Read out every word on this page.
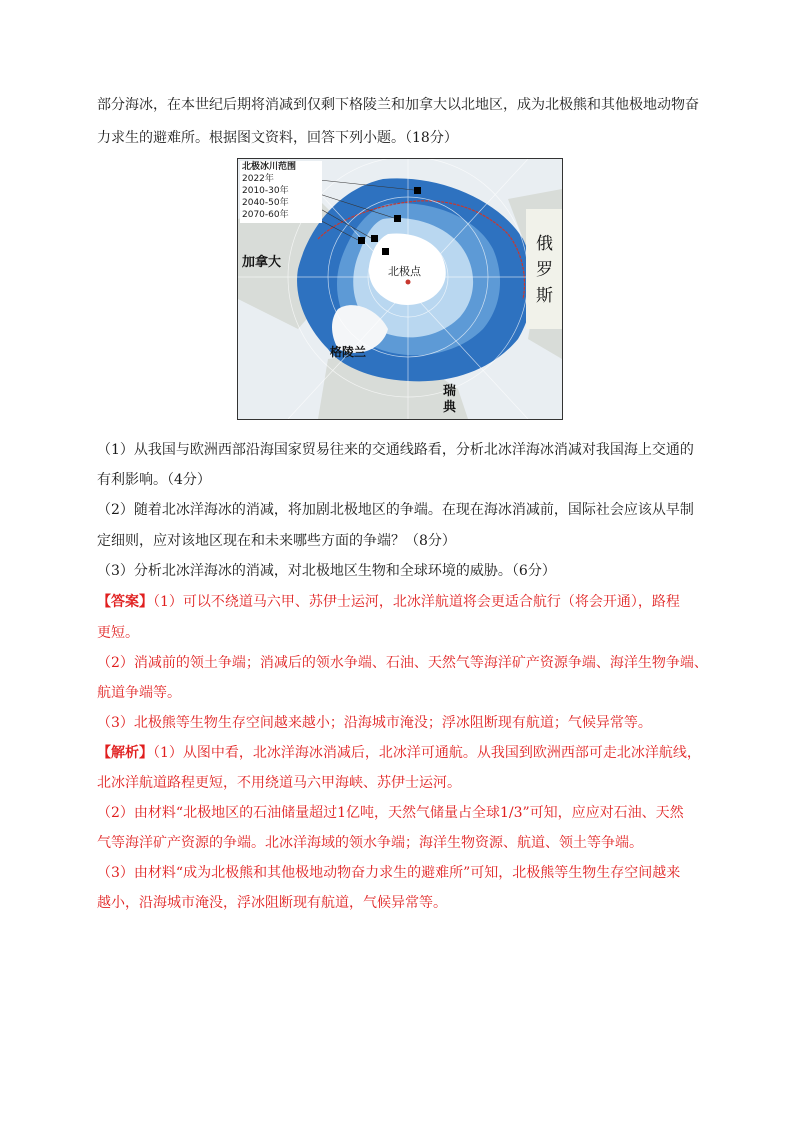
部分海冰，在本世纪后期将消减到仅剩下格陵兰和加拿大以北地区，成为北极熊和其他极地动物奋
力求生的避难所。根据图文资料，回答下列小题。（18分）
北极冰川范围
2022年
2010-30年
2040-50年
2070-60年
加拿大
俄罗斯
格陵兰
瑞典
北极点
（1）从我国与欧洲西部沿海国家贸易往来的交通线路看，分析北冰洋海冰消减对我国海上交通的
有利影响。（4分）
（2）随着北冰洋海冰的消减，将加剧北极地区的争端。在现在海冰消减前，国际社会应该从早制
定细则，应对该地区现在和未来哪些方面的争端？（8分）
（3）分析北冰洋海冰的消减，对北极地区生物和全球环境的威胁。（6分）
【答案】（1）可以不绕道马六甲、苏伊士运河，北冰洋航道将会更适合航行（将会开通），路程
更短。
（2）消减前的领土争端；消减后的领水争端、石油、天然气等海洋矿产资源争端、海洋生物争端、
航道争端等。
（3）北极熊等生物生存空间越来越小；沿海城市淹没；浮冰阻断现有航道；气候异常等。
【解析】（1）从图中看，北冰洋海冰消减后，北冰洋可通航。从我国到欧洲西部可走北冰洋航线，
北冰洋航道路程更短，不用绕道马六甲海峡、苏伊士运河。
（2）由材料“北极地区的石油储量超过1亿吨，天然气储量占全球1/3”可知，应应对石油、天然
气等海洋矿产资源的争端。北冰洋海域的领水争端；海洋生物资源、航道、领土等争端。
（3）由材料“成为北极熊和其他极地动物奋力求生的避难所”可知，北极熊等生物生存空间越来
越小，沿海城市淹没，浮冰阻断现有航道，气候异常等。
